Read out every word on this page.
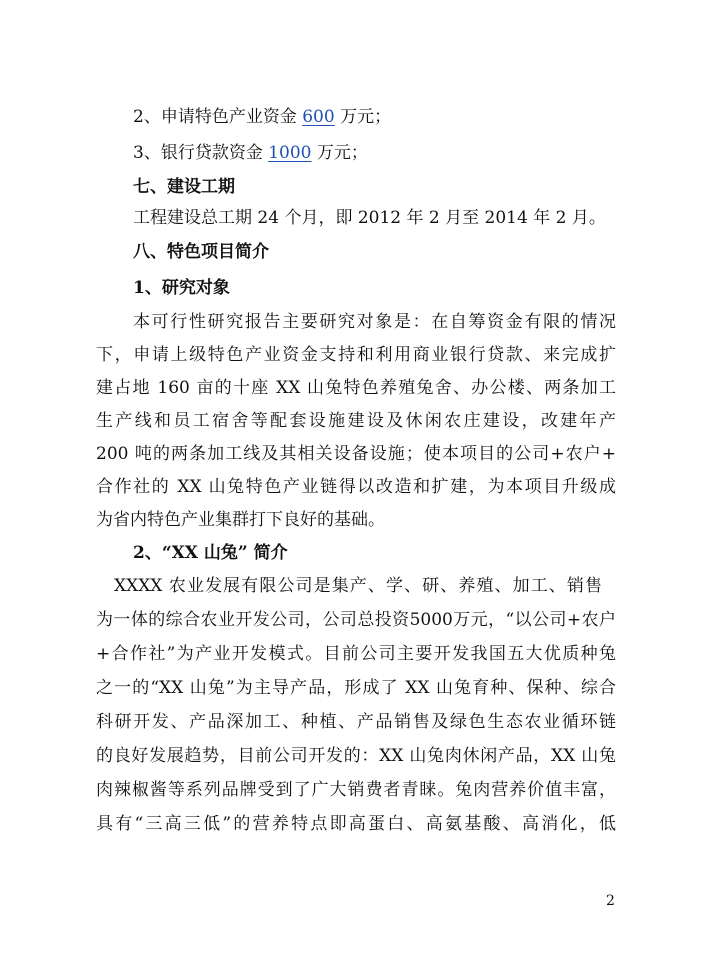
2、申请特色产业资金 600 万元；
3、银行贷款资金 1000 万元；
七、建设工期
工程建设总工期 24 个月，即 2012 年 2 月至 2014 年 2 月。
八、特色项目简介
1、研究对象
本可行性研究报告主要研究对象是：在自筹资金有限的情况
下，申请上级特色产业资金支持和利用商业银行贷款、来完成扩
建占地 160 亩的十座 XX 山兔特色养殖兔舍、办公楼、两条加工
生产线和员工宿舍等配套设施建设及休闲农庄建设，改建年产
200 吨的两条加工线及其相关设备设施；使本项目的公司+农户+
合作社的 XX 山兔特色产业链得以改造和扩建，为本项目升级成
为省内特色产业集群打下良好的基础。
2、“XX 山兔” 简介
XXXX 农业发展有限公司是集产、学、研、养殖、加工、销售
为一体的综合农业开发公司，公司总投资5000万元，“以公司+农户
+合作社”为产业开发模式。目前公司主要开发我国五大优质种兔
之一的“XX 山兔”为主导产品，形成了 XX 山兔育种、保种、综合
科研开发、产品深加工、种植、产品销售及绿色生态农业循环链
的良好发展趋势，目前公司开发的：XX 山兔肉休闲产品，XX 山兔
肉辣椒酱等系列品牌受到了广大销费者青睐。兔肉营养价值丰富，
具有“三高三低”的营养特点即高蛋白、高氨基酸、高消化，低
2
